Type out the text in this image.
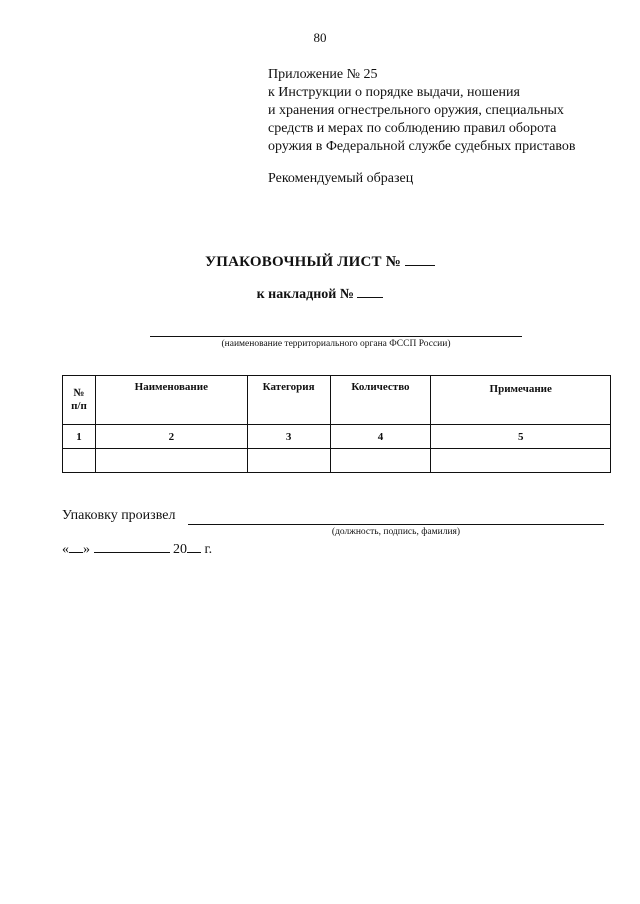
80
Приложение № 25
к Инструкции о порядке выдачи, ношения
и хранения огнестрельного оружия, специальных
средств и мерах по соблюдению правил оборота
оружия в Федеральной службе судебных приставов
Рекомендуемый образец
УПАКОВОЧНЫЙ ЛИСТ №
к накладной №
(наименование территориального органа ФССП России)
№ п/п	Наименование	Категория	Количество	Примечание
1	2	3	4	5

Упаковку произвел
(должность, подпись, фамилия)
« »	20 г.
